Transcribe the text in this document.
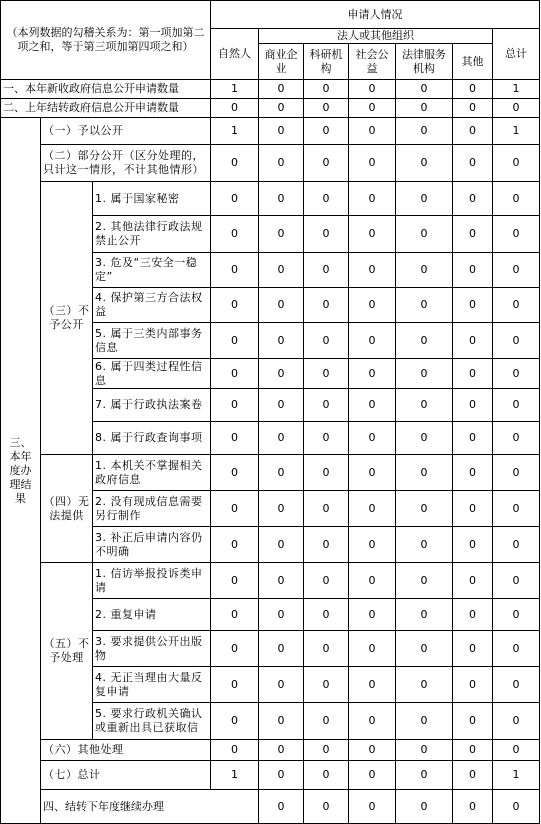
（本列数据的勾稽关系为：第一项加第二项之和，等于第三项加第四项之和）			申请人情况							
			自然人	法人或其他组织					总计	
				商业企业	科研机构	社会公益	法律服务机构	其他		
一、本年新收政府信息公开申请数量			1	0	0	0	0	0	1	
二、上年结转政府信息公开申请数量			0	0	0	0	0	0	0	
三、本年度办理结果	（一）予以公开		1	0	0	0	0	0	1	
	（二）部分公开（区分处理的，只计这一情形，不计其他情形）		0	0	0	0	0	0	0	
	（三）不予公开	1. 属于国家秘密	0	0	0	0	0	0	0	
		2. 其他法律行政法规禁止公开	0	0	0	0	0	0	0	
		3. 危及“三安全一稳定”	0	0	0	0	0	0	0	
		4. 保护第三方合法权益	0	0	0	0	0	0	0	
		5. 属于三类内部事务信息	0	0	0	0	0	0	0	
		6. 属于四类过程性信息	0	0	0	0	0	0	0	
		7. 属于行政执法案卷	0	0	0	0	0	0	0	
		8. 属于行政查询事项	0	0	0	0	0	0	0	
	（四）无法提供	1. 本机关不掌握相关政府信息	0	0	0	0	0	0	0	
		2. 没有现成信息需要另行制作	0	0	0	0	0	0	0	
		3. 补正后申请内容仍不明确	0	0	0	0	0	0	0	
	（五）不予处理	1. 信访举报投诉类申请	0	0	0	0	0	0	0	
		2. 重复申请	0	0	0	0	0	0	0	
		3. 要求提供公开出版物	0	0	0	0	0	0	0	
		4. 无正当理由大量反复申请	0	0	0	0	0	0	0	
		5. 要求行政机关确认或重新出具已获取信	0	0	0	0	0	0	0	
	（六）其他处理		0	0	0	0	0	0	0	
	（七）总计		1	0	0	0	0	0	1	
	四、结转下年度继续办理			0	0	0	0	0	0	
